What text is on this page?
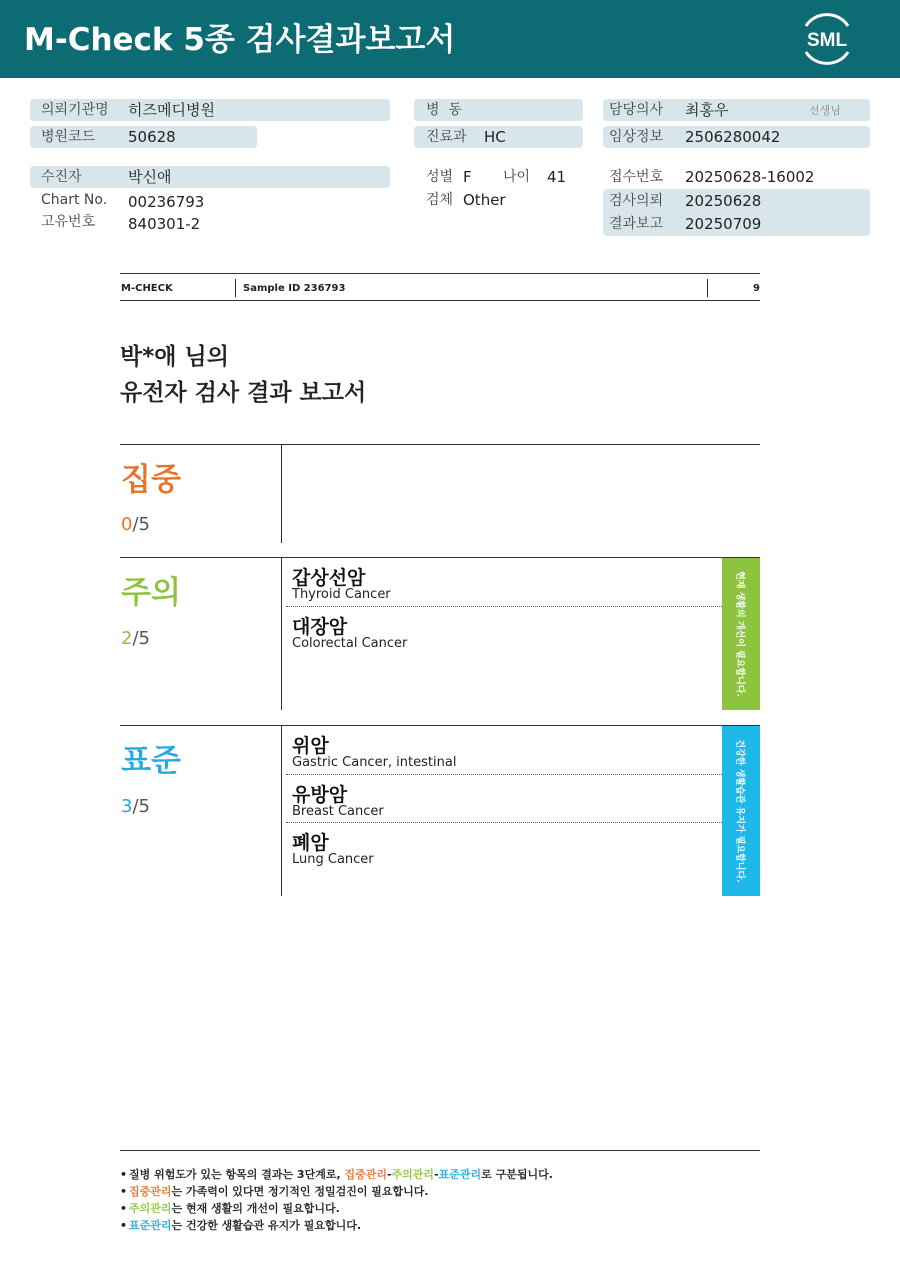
M-Check 5종 검사결과보고서	SML
의뢰기관명 히즈메디병원
병원코드 50628
병  동
진료과 HC
담당의사 최홍우	선생님
임상정보 2506280042
수진자	박신애
Chart No. 00236793
고유번호 840301-2
성별 F 나이 41
검체 Other
접수번호 20250628-16002
검사의뢰 20250628
결과보고 20250709
M-CHECK	Sample ID 236793	9
박*애 님의
유전자 검사 결과 보고서
집중
0/5
주의
2/5
갑상선암
Thyroid Cancer
대장암
Colorectal Cancer	현재 생활의 개선이 필요합니다.
표준
3/5
위암
Gastric Cancer, intestinal
유방암
Breast Cancer
폐암
Lung Cancer	건강한 생활습관 유지가 필요합니다.
• 질병 위험도가 있는 항목의 결과는 3단계로, 집중관리-주의관리-표준관리로 구분됩니다.
• 집중관리는 가족력이 있다면 정기적인 정밀검진이 필요합니다.
• 주의관리는 현재 생활의 개선이 필요합니다.
• 표준관리는 건강한 생활습관 유지가 필요합니다.
